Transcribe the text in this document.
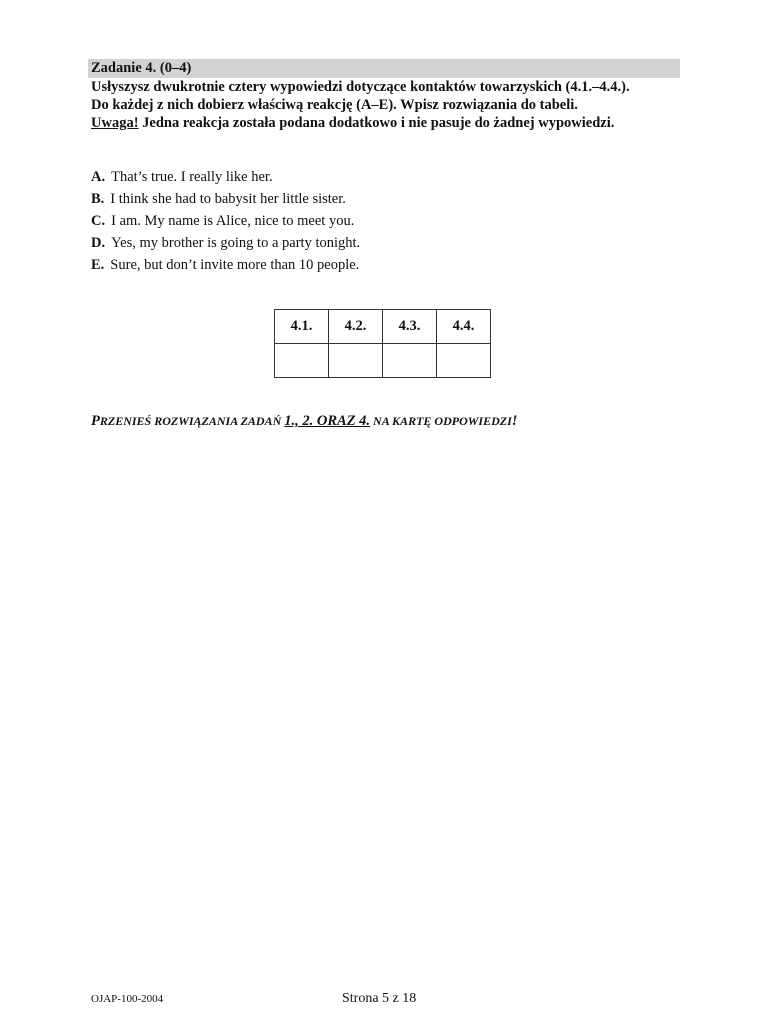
Zadanie 4. (0–4)
Usłyszysz dwukrotnie cztery wypowiedzi dotyczące kontaktów towarzyskich (4.1.–4.4.).
Do każdej z nich dobierz właściwą reakcję (A–E). Wpisz rozwiązania do tabeli.
Uwaga! Jedna reakcja została podana dodatkowo i nie pasuje do żadnej wypowiedzi.
A. That’s true. I really like her.
B. I think she had to babysit her little sister.
C. I am. My name is Alice, nice to meet you.
D. Yes, my brother is going to a party tonight.
E. Sure, but don’t invite more than 10 people.
4.1.	4.2.	4.3.	4.4.

PRZENIEŚ ROZWIĄZANIA ZADAŃ 1., 2. ORAZ 4. NA KARTĘ ODPOWIEDZI!
OJAP-100-2004	Strona 5 z 18
